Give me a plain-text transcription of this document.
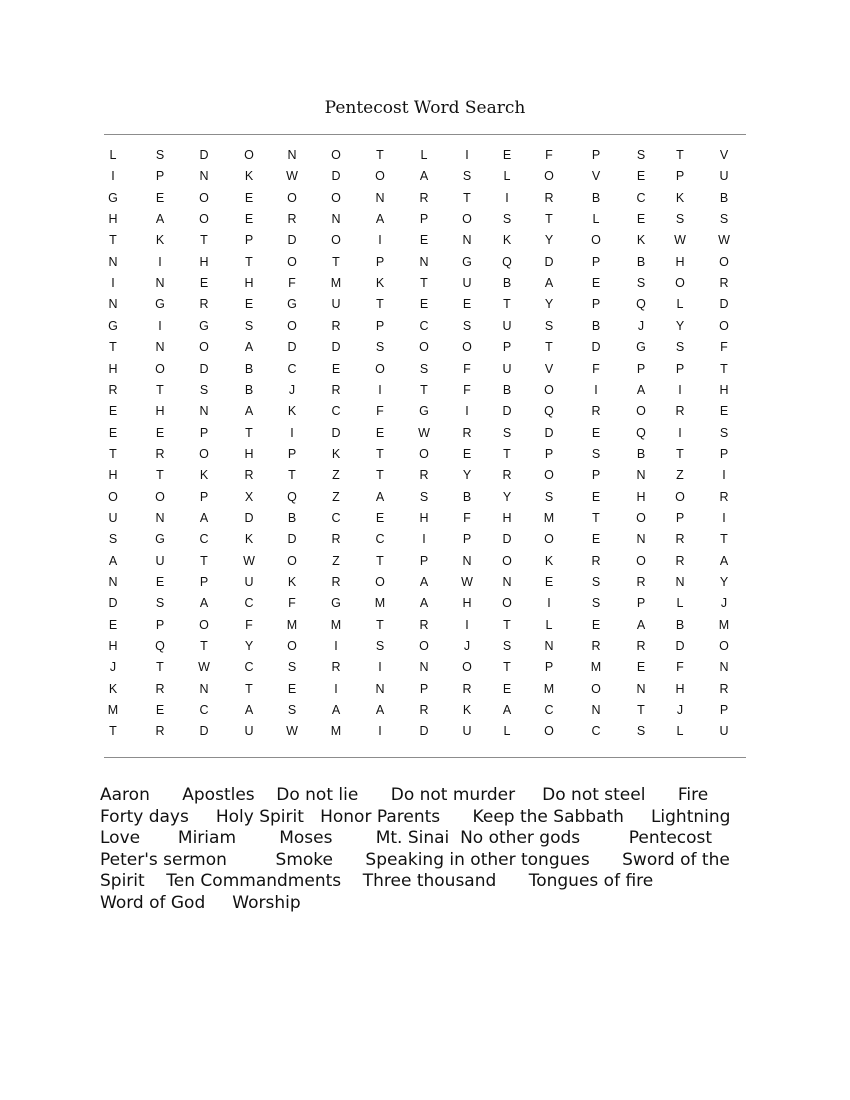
Pentecost Word Search
L	S	D	O	N	O	T	L	I	E	F	P	S	T	V
I	P	N	K	W	D	O	A	S	L	O	V	E	P	U
G	E	O	E	O	O	N	R	T	I	R	B	C	K	B
H	A	O	E	R	N	A	P	O	S	T	L	E	S	S
T	K	T	P	D	O	I	E	N	K	Y	O	K	W	W
N	I	H	T	O	T	P	N	G	Q	D	P	B	H	O
I	N	E	H	F	M	K	T	U	B	A	E	S	O	R
N	G	R	E	G	U	T	E	E	T	Y	P	Q	L	D
G	I	G	S	O	R	P	C	S	U	S	B	J	Y	O
T	N	O	A	D	D	S	O	O	P	T	D	G	S	F
H	O	D	B	C	E	O	S	F	U	V	F	P	P	T
R	T	S	B	J	R	I	T	F	B	O	I	A	I	H
E	H	N	A	K	C	F	G	I	D	Q	R	O	R	E
E	E	P	T	I	D	E	W	R	S	D	E	Q	I	S
T	R	O	H	P	K	T	O	E	T	P	S	B	T	P
H	T	K	R	T	Z	T	R	Y	R	O	P	N	Z	I
O	O	P	X	Q	Z	A	S	B	Y	S	E	H	O	R
U	N	A	D	B	C	E	H	F	H	M	T	O	P	I
S	G	C	K	D	R	C	I	P	D	O	E	N	R	T
A	U	T	W	O	Z	T	P	N	O	K	R	O	R	A
N	E	P	U	K	R	O	A	W	N	E	S	R	N	Y
D	S	A	C	F	G	M	A	H	O	I	S	P	L	J
E	P	O	F	M	M	T	R	I	T	L	E	A	B	M
H	Q	T	Y	O	I	S	O	J	S	N	R	R	D	O
J	T	W	C	S	R	I	N	O	T	P	M	E	F	N
K	R	N	T	E	I	N	P	R	E	M	O	N	H	R
M	E	C	A	S	A	A	R	K	A	C	N	T	J	P
T	R	D	U	W	M	I	D	U	L	O	C	S	L	U
Aaron      Apostles    Do not lie      Do not murder     Do not steel      Fire
Forty days     Holy Spirit   Honor Parents      Keep the Sabbath     Lightning
Love       Miriam        Moses        Mt. Sinai  No other gods         Pentecost
Peter's sermon         Smoke      Speaking in other tongues      Sword of the
Spirit    Ten Commandments    Three thousand      Tongues of fire
Word of God     Worship
